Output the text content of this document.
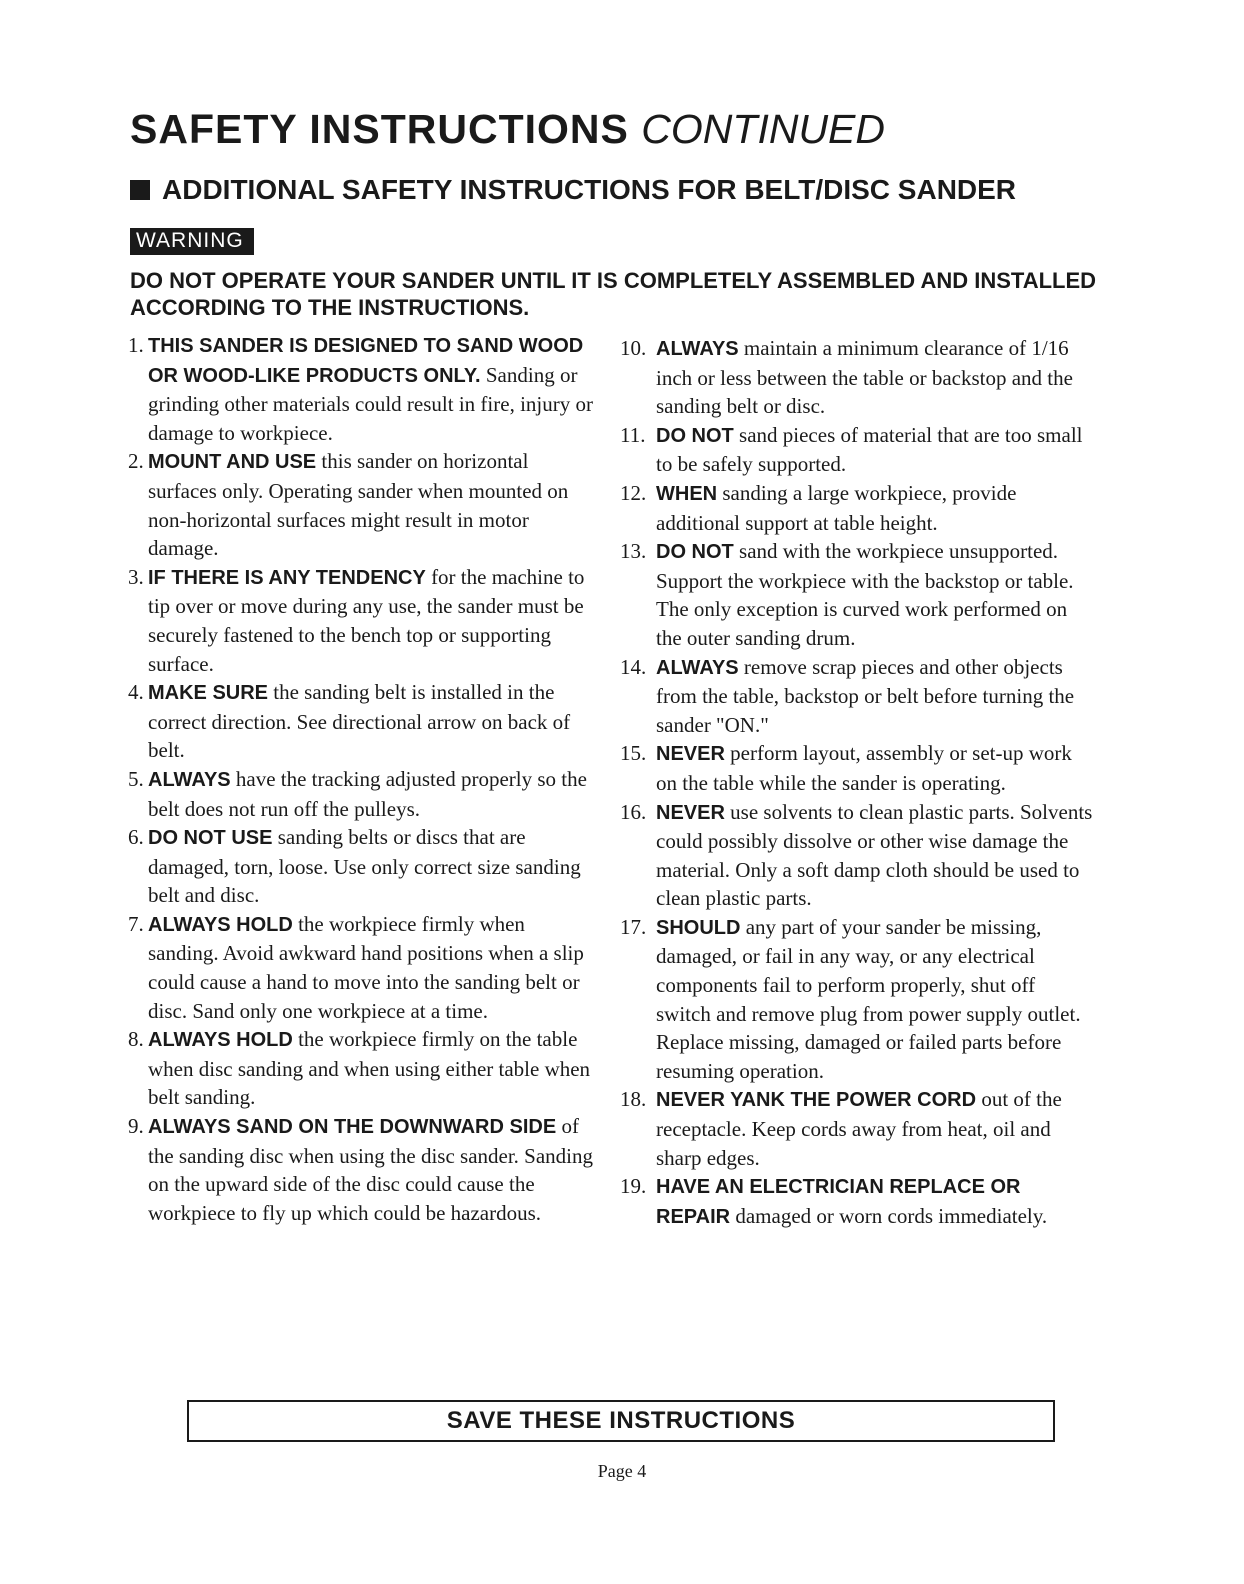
SAFETY INSTRUCTIONS CONTINUED
ADDITIONAL SAFETY INSTRUCTIONS FOR BELT/DISC SANDER
WARNING
DO NOT OPERATE YOUR SANDER UNTIL IT IS COMPLETELY ASSEMBLED AND INSTALLED ACCORDING TO THE INSTRUCTIONS.
1. THIS SANDER IS DESIGNED TO SAND WOOD OR WOOD-LIKE PRODUCTS ONLY. Sanding or grinding other materials could result in fire, injury or damage to workpiece.
2. MOUNT AND USE this sander on horizontal surfaces only. Operating sander when mounted on non-horizontal surfaces might result in motor damage.
3. IF THERE IS ANY TENDENCY for the machine to tip over or move during any use, the sander must be securely fastened to the bench top or supporting surface.
4. MAKE SURE the sanding belt is installed in the correct direction. See directional arrow on back of belt.
5. ALWAYS have the tracking adjusted properly so the belt does not run off the pulleys.
6. DO NOT USE sanding belts or discs that are damaged, torn, loose. Use only correct size sanding belt and disc.
7. ALWAYS HOLD the workpiece firmly when sanding. Avoid awkward hand positions when a slip could cause a hand to move into the sanding belt or disc. Sand only one workpiece at a time.
8. ALWAYS HOLD the workpiece firmly on the table when disc sanding and when using either table when belt sanding.
9. ALWAYS SAND ON THE DOWNWARD SIDE of the sanding disc when using the disc sander. Sanding on the upward side of the disc could cause the workpiece to fly up which could be hazardous.
10. ALWAYS maintain a minimum clearance of 1/16 inch or less between the table or backstop and the sanding belt or disc.
11. DO NOT sand pieces of material that are too small to be safely supported.
12. WHEN sanding a large workpiece, provide additional support at table height.
13. DO NOT sand with the workpiece unsupported. Support the workpiece with the backstop or table. The only exception is curved work performed on the outer sanding drum.
14. ALWAYS remove scrap pieces and other objects from the table, backstop or belt before turning the sander "ON."
15. NEVER perform layout, assembly or set-up work on the table while the sander is operating.
16. NEVER use solvents to clean plastic parts. Solvents could possibly dissolve or other wise damage the material. Only a soft damp cloth should be used to clean plastic parts.
17. SHOULD any part of your sander be missing, damaged, or fail in any way, or any electrical components fail to perform properly, shut off switch and remove plug from power supply outlet. Replace missing, damaged or failed parts before resuming operation.
18. NEVER YANK THE POWER CORD out of the receptacle. Keep cords away from heat, oil and sharp edges.
19. HAVE AN ELECTRICIAN REPLACE OR REPAIR damaged or worn cords immediately.
SAVE THESE INSTRUCTIONS
Page 4
